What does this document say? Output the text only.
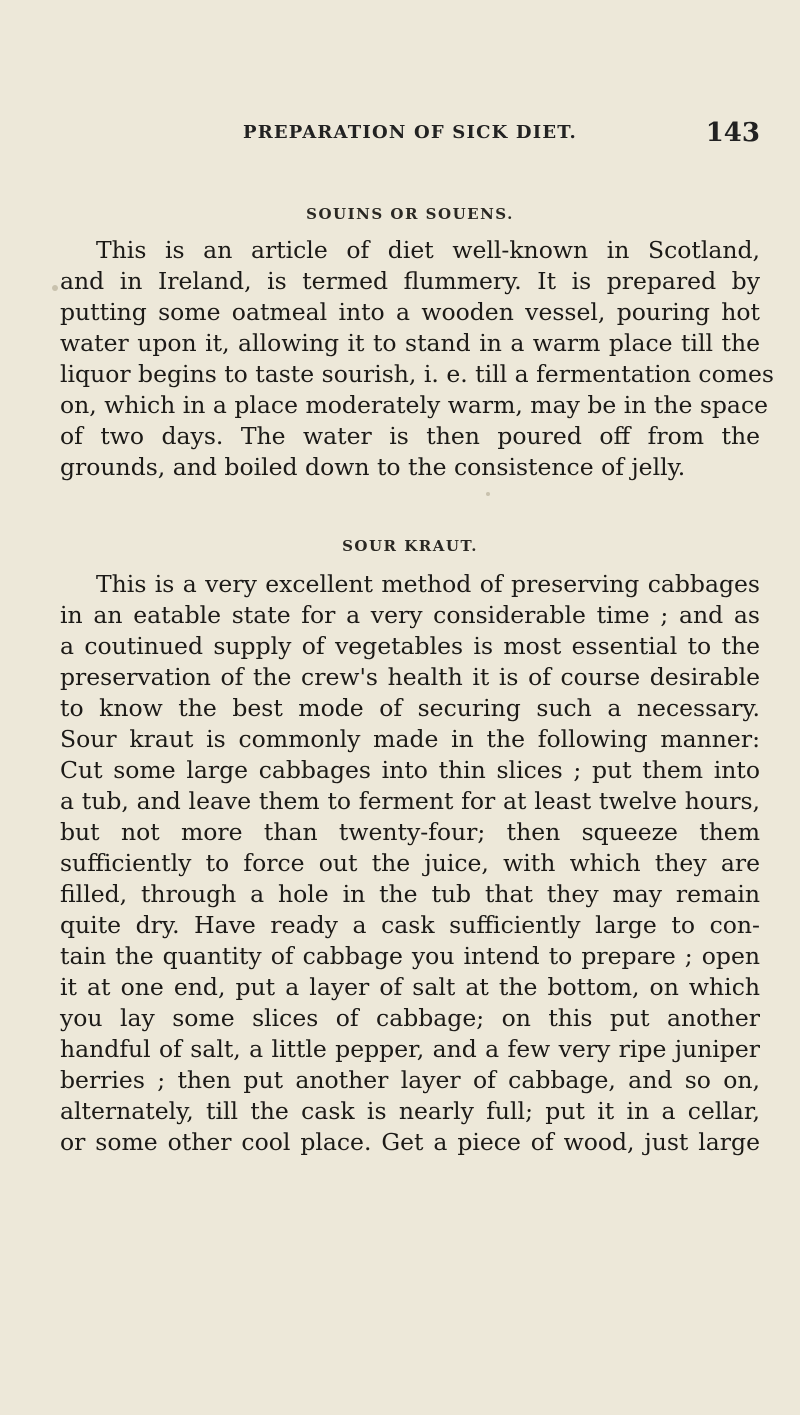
PREPARATION OF SICK DIET.	143
SOUINS OR SOUENS.
This is an article of diet well-known in Scotland,
and in Ireland, is termed flummery. It is prepared by
putting some oatmeal into a wooden vessel, pouring hot
water upon it, allowing it to stand in a warm place till the
liquor begins to taste sourish, i. e. till a fermentation comes
on, which in a place moderately warm, may be in the space
of two days. The water is then poured off from the
grounds, and boiled down to the consistence of jelly.
SOUR KRAUT.
This is a very excellent method of preserving cabbages
in an eatable state for a very considerable time ; and as
a coutinued supply of vegetables is most essential to the
preservation of the crew's health it is of course desirable
to know the best mode of securing such a necessary.
Sour kraut is commonly made in the following manner:
Cut some large cabbages into thin slices ; put them into
a tub, and leave them to ferment for at least twelve hours,
but not more than twenty-four; then squeeze them
sufficiently to force out the juice, with which they are
filled, through a hole in the tub that they may remain
quite dry. Have ready a cask sufficiently large to con-
tain the quantity of cabbage you intend to prepare ; open
it at one end, put a layer of salt at the bottom, on which
you lay some slices of cabbage; on this put another
handful of salt, a little pepper, and a few very ripe juniper
berries ; then put another layer of cabbage, and so on,
alternately, till the cask is nearly full; put it in a cellar,
or some other cool place. Get a piece of wood, just large
